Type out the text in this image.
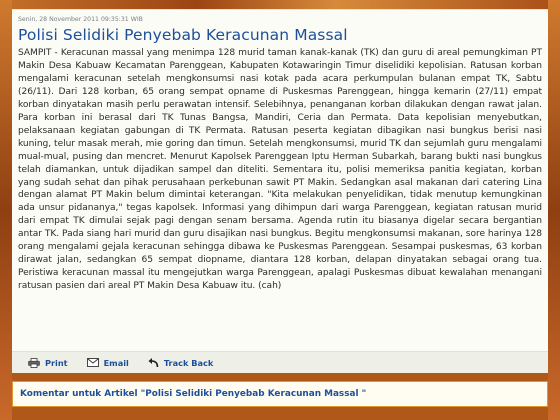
Senin, 28 November 2011 09:35:31 WIB
Polisi Selidiki Penyebab Keracunan Massal

SAMPIT - Keracunan massal yang menimpa 128 murid taman kanak-kanak (TK) dan guru di areal pemungkiman PT Makin Desa Kabuaw Kecamatan Parenggean, Kabupaten Kotawaringin Timur diselidiki kepolisian. Ratusan korban mengalami keracunan setelah mengkonsumsi nasi kotak pada acara perkumpulan bulanan empat TK, Sabtu (26/11). Dari 128 korban, 65 orang sempat opname di Puskesmas Parenggean, hingga kemarin (27/11) empat korban dinyatakan masih perlu perawatan intensif. Selebihnya, penanganan korban dilakukan dengan rawat jalan. Para korban ini berasal dari TK Tunas Bangsa, Mandiri, Ceria dan Permata. Data kepolisian menyebutkan, pelaksanaan kegiatan gabungan di TK Permata. Ratusan peserta kegiatan dibagikan nasi bungkus berisi nasi kuning, telur masak merah, mie goring dan timun. Setelah mengkonsumsi, murid TK dan sejumlah guru mengalami mual-mual, pusing dan mencret. Menurut Kapolsek Parenggean Iptu Herman Subarkah, barang bukti nasi bungkus telah diamankan, untuk dijadikan sampel dan diteliti. Sementara itu, polisi memeriksa panitia kegiatan, korban yang sudah sehat dan pihak perusahaan perkebunan sawit PT Makin. Sedangkan asal makanan dari catering Lina dengan alamat PT Makin belum dimintai keterangan. "Kita melakukan penyelidikan, tidak menutup kemungkinan ada unsur pidananya," tegas kapolsek. Informasi yang dihimpun dari warga Parenggean, kegiatan ratusan murid dari empat TK dimulai sejak pagi dengan senam bersama. Agenda rutin itu biasanya digelar secara bergantian antar TK. Pada siang hari murid dan guru disajikan nasi bungkus. Begitu mengkonsumsi makanan, sore harinya 128 orang mengalami gejala keracunan sehingga dibawa ke Puskesmas Parenggean. Sesampai puskesmas, 63 korban dirawat jalan, sedangkan 65 sempat diopname, diantara 128 korban, delapan dinyatakan sebagai orang tua. Peristiwa keracunan massal itu mengejutkan warga Parenggean, apalagi Puskesmas dibuat kewalahan menangani ratusan pasien dari areal PT Makin Desa Kabuaw itu. (cah)

Print	Email	Track Back
Komentar untuk Artikel "Polisi Selidiki Penyebab Keracunan Massal "
